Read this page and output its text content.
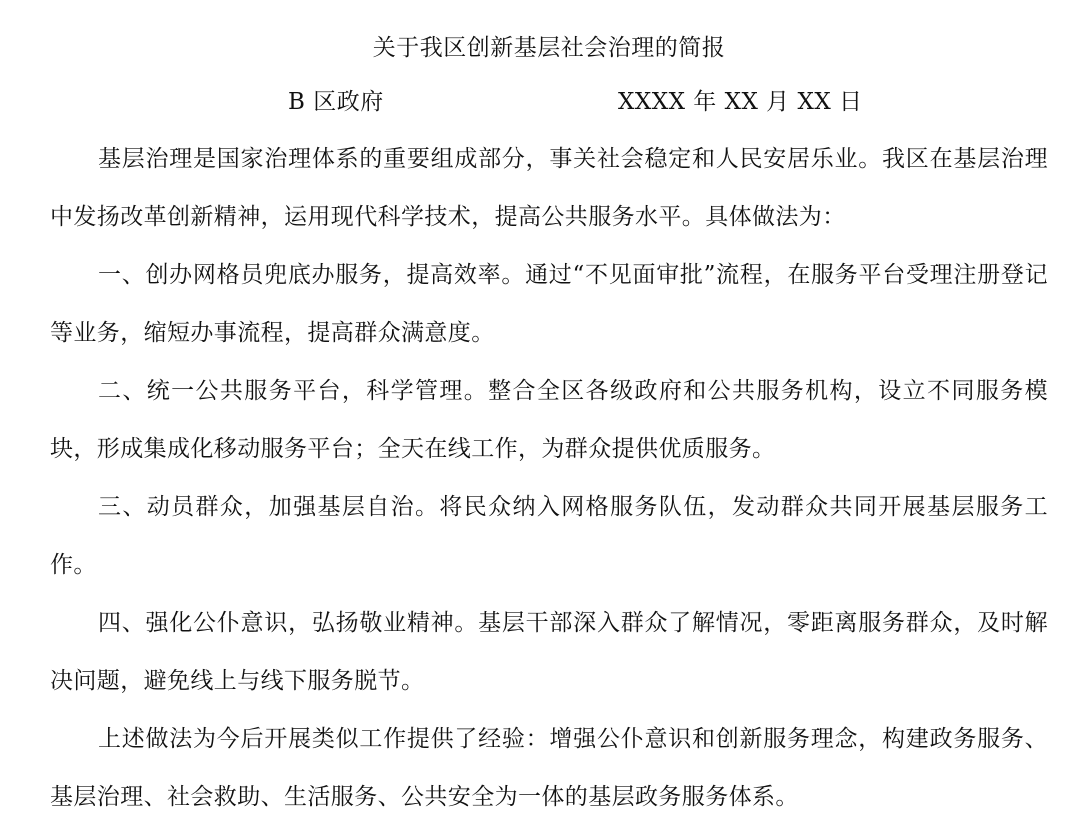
关于我区创新基层社会治理的简报
B 区政府	XXXX 年 XX 月 XX 日

基层治理是国家治理体系的重要组成部分，事关社会稳定和人民安居乐业。我区在基层治理中发扬改革创新精神，运用现代科学技术，提高公共服务水平。具体做法为：

一、创办网格员兜底办服务，提高效率。通过“不见面审批”流程，在服务平台受理注册登记等业务，缩短办事流程，提高群众满意度。

二、统一公共服务平台，科学管理。整合全区各级政府和公共服务机构，设立不同服务模块，形成集成化移动服务平台；全天在线工作，为群众提供优质服务。

三、动员群众，加强基层自治。将民众纳入网格服务队伍，发动群众共同开展基层服务工作。

四、强化公仆意识，弘扬敬业精神。基层干部深入群众了解情况，零距离服务群众，及时解决问题，避免线上与线下服务脱节。

上述做法为今后开展类似工作提供了经验：增强公仆意识和创新服务理念，构建政务服务、基层治理、社会救助、生活服务、公共安全为一体的基层政务服务体系。
